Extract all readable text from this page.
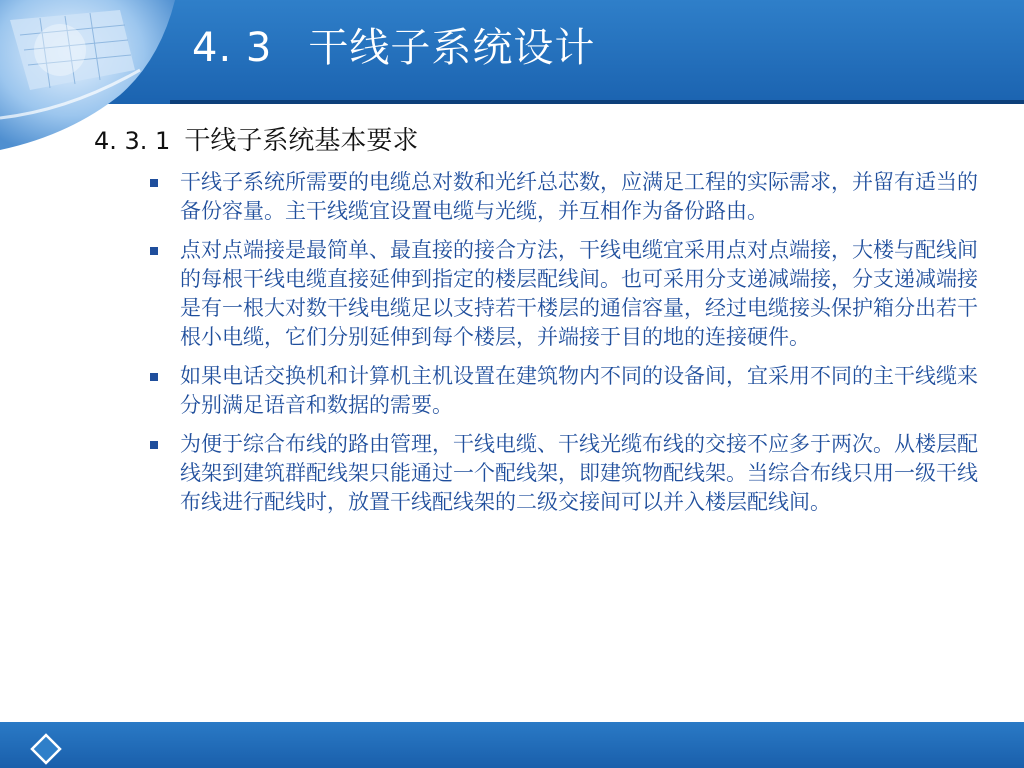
4. 3 干线子系统设计
4. 3. 1 干线子系统基本要求
干线子系统所需要的电缆总对数和光纤总芯数，应满足工程的实际需求，并留有适当的备份容量。主干线缆宜设置电缆与光缆，并互相作为备份路由。
点对点端接是最简单、最直接的接合方法，干线电缆宜采用点对点端接，大楼与配线间的每根干线电缆直接延伸到指定的楼层配线间。也可采用分支递减端接，分支递减端接是有一根大对数干线电缆足以支持若干楼层的通信容量，经过电缆接头保护箱分出若干根小电缆，它们分别延伸到每个楼层，并端接于目的地的连接硬件。
如果电话交换机和计算机主机设置在建筑物内不同的设备间，宜采用不同的主干线缆来分别满足语音和数据的需要。
为便于综合布线的路由管理，干线电缆、干线光缆布线的交接不应多于两次。从楼层配线架到建筑群配线架只能通过一个配线架，即建筑物配线架。当综合布线只用一级干线布线进行配线时，放置干线配线架的二级交接间可以并入楼层配线间。
